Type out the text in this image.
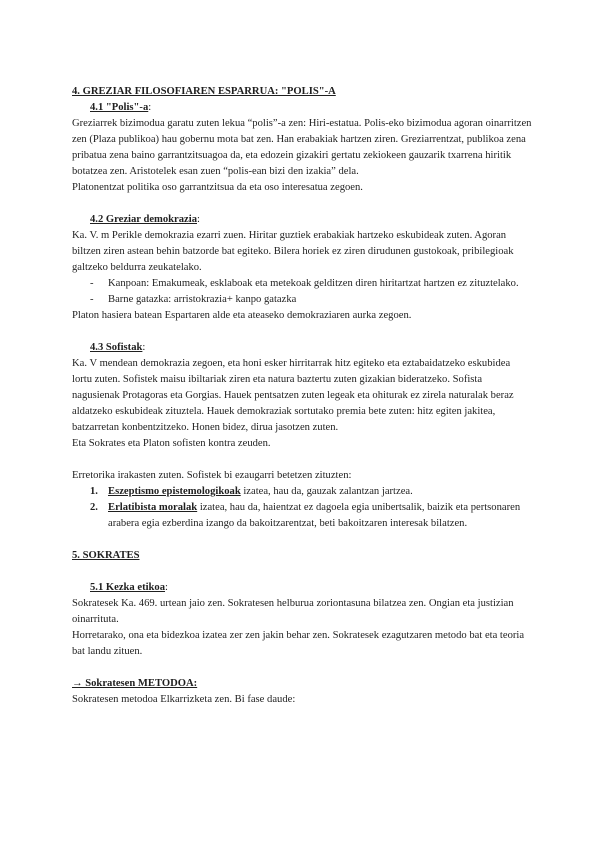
4. GREZIAR FILOSOFIAREN ESPARRUA: "POLIS"-A

4.1 "Polis"-a:

Greziarrek bizimodua garatu zuten lekua “polis”-a zen: Hiri-estatua. Polis-eko bizimodua agoran oinarritzen zen (Plaza publikoa) hau gobernu mota bat zen. Han erabakiak hartzen ziren. Greziarrentzat, publikoa zena pribatua zena baino garrantzitsuagoa da, eta edozein gizakiri gertatu zekiokeen gauzarik txarrena hiritik botatzea zen. Aristotelek esan zuen “polis-ean bizi den izakia” dela.

Platonentzat politika oso garrantzitsua da eta oso interesatua zegoen.

4.2 Greziar demokrazia:

Ka. V. m Perikle demokrazia ezarri zuen. Hiritar guztiek erabakiak hartzeko eskubideak zuten. Agoran biltzen ziren astean behin batzorde bat egiteko. Bilera horiek ez ziren dirudunen gustokoak, pribilegioak galtzeko beldurra zeukatelako.

- Kanpoan: Emakumeak, esklaboak eta metekoak gelditzen diren hiritartzat hartzen ez zituztelako.
- Barne gatazka: arristokrazia+ kanpo gatazka

Platon hasiera batean Espartaren alde eta ateaseko demokraziaren aurka zegoen.

4.3 Sofistak:

Ka. V mendean demokrazia zegoen, eta honi esker hirritarrak hitz egiteko eta eztabaidatzeko eskubidea lortu zuten. Sofistek maisu ibiltariak ziren eta natura baztertu zuten gizakian bideratzeko. Sofista nagusienak Protagoras eta Gorgias. Hauek pentsatzen zuten legeak eta ohiturak ez zirela naturalak beraz aldatzeko eskubideak zituztela. Hauek demokraziak sortutako premia bete zuten: hitz egiten jakitea, batzarretan konbentzitzeko. Honen bidez, dirua jasotzen zuten.

Eta Sokrates eta Platon sofisten kontra zeuden.

Erretorika irakasten zuten. Sofistek bi ezaugarri betetzen zituzten:

1. Eszeptismo epistemologikoak izatea, hau da, gauzak zalantzan jartzea.
2. Erlatibista moralak izatea, hau da, haientzat ez dagoela egia unibertsalik, baizik eta pertsonaren arabera egia ezberdina izango da bakoitzarentzat, beti bakoitzaren interesak bilatzen.

5. SOKRATES

5.1 Kezka etikoa:

Sokratesek Ka. 469. urtean jaio zen. Sokratesen helburua zoriontasuna bilatzea zen. Ongian eta justizian oinarrituta.

Horretarako, ona eta bidezkoa izatea zer zen jakin behar zen. Sokratesek ezagutzaren metodo bat eta teoria bat landu zituen.

→ Sokratesen METODOA:

Sokratesen metodoa Elkarrizketa zen. Bi fase daude:
